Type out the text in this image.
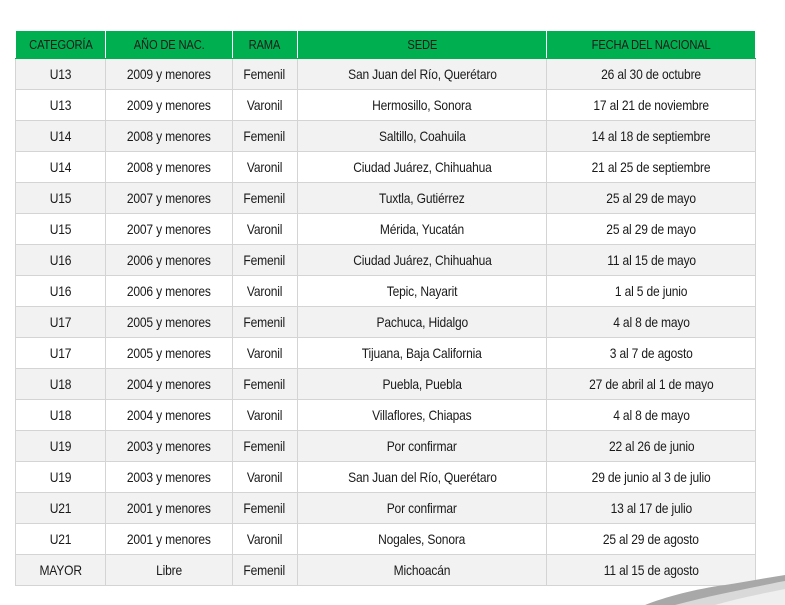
CATEGORÍA	AÑO DE NAC.	RAMA	SEDE	FECHA DEL NACIONAL
U13	2009 y menores	Femenil	San Juan del Río, Querétaro	26 al 30 de octubre
U13	2009 y menores	Varonil	Hermosillo, Sonora	17 al 21 de noviembre
U14	2008 y menores	Femenil	Saltillo, Coahuila	14 al 18 de septiembre
U14	2008 y menores	Varonil	Ciudad Juárez, Chihuahua	21 al 25 de septiembre
U15	2007 y menores	Femenil	Tuxtla, Gutiérrez	25 al 29 de mayo
U15	2007 y menores	Varonil	Mérida, Yucatán	25 al 29 de mayo
U16	2006 y menores	Femenil	Ciudad Juárez, Chihuahua	11 al 15 de mayo
U16	2006 y menores	Varonil	Tepic, Nayarit	1 al 5 de junio
U17	2005 y menores	Femenil	Pachuca, Hidalgo	4 al 8 de mayo
U17	2005 y menores	Varonil	Tijuana, Baja California	3 al 7 de agosto
U18	2004 y menores	Femenil	Puebla, Puebla	27 de abril al 1 de mayo
U18	2004 y menores	Varonil	Villaflores, Chiapas	4 al 8 de mayo
U19	2003 y menores	Femenil	Por confirmar	22 al 26 de junio
U19	2003 y menores	Varonil	San Juan del Río, Querétaro	29 de junio al 3 de julio
U21	2001 y menores	Femenil	Por confirmar	13 al 17 de julio
U21	2001 y menores	Varonil	Nogales, Sonora	25 al 29 de agosto
MAYOR	Libre	Femenil	Michoacán	11 al 15 de agosto
